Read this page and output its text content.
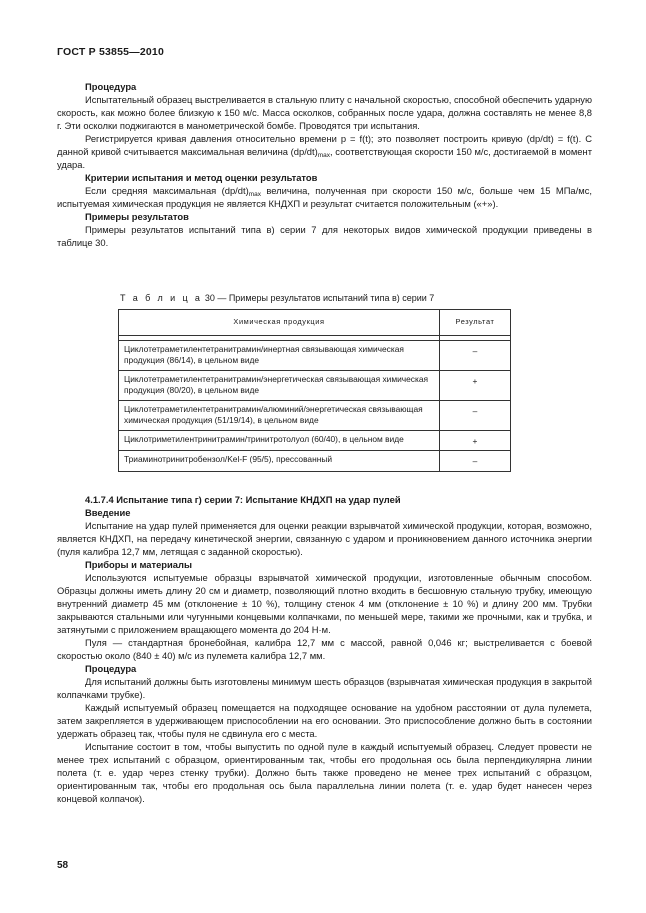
ГОСТ Р 53855—2010

Процедура

Испытательный образец выстреливается в стальную плиту с начальной скоростью, способной обеспечить ударную скорость, как можно более близкую к 150 м/с. Масса осколков, собранных после удара, должна составлять не менее 8,8 г. Эти осколки поджигаются в манометрической бомбе. Проводятся три испытания.

Регистрируется кривая давления относительно времени p = f(t); это позволяет построить кривую (dp/dt) = f(t). С данной кривой считывается максимальная величина $(dp/dt)_{max}$, соответствующая скорости 150 м/с, достигаемой в момент удара.

Критерии испытания и метод оценки результатов

Если средняя максимальная $(dp/dt)_{max}$ величина, полученная при скорости 150 м/с, больше чем 15 МПа/мс, испытуемая химическая продукция не является КНДХП и результат считается положительным («+»).

Примеры результатов

Примеры результатов испытаний типа в) серии 7 для некоторых видов химической продукции приведены в таблице 30.

Т а б л и ц а 30 — Примеры результатов испытаний типа в) серии 7
Химическая продукция	Результат

Циклотетраметилентетранитрамин/инертная связывающая химическая продукция (86/14), в цельном виде	–
Циклотетраметилентетранитрамин/энергетическая связывающая химическая продукция (80/20), в цельном виде	+
Циклотетраметилентетранитрамин/алюминий/энергетическая связывающая химическая продукция (51/19/14), в цельном виде	–
Циклотриметилентринитрамин/тринитротолуол (60/40), в цельном виде	+
Триаминотринитробензол/Kel-F (95/5), прессованный	–

4.1.7.4 Испытание типа г) серии 7: Испытание КНДХП на удар пулей

Введение

Испытание на удар пулей применяется для оценки реакции взрывчатой химической продукции, которая, возможно, является КНДХП, на передачу кинетической энергии, связанную с ударом и проникновением данного источника энергии (пуля калибра 12,7 мм, летящая с заданной скоростью).

Приборы и материалы

Используются испытуемые образцы взрывчатой химической продукции, изготовленные обычным способом. Образцы должны иметь длину 20 см и диаметр, позволяющий плотно входить в бесшовную стальную трубку, имеющую внутренний диаметр 45 мм (отклонение ± 10 %), толщину стенок 4 мм (отклонение ± 10 %) и длину 200 мм. Трубки закрываются стальными или чугунными концевыми колпачками, по меньшей мере, такими же прочными, как и трубка, и затянутыми с приложением вращающего момента до 204 Н·м.

Пуля — стандартная бронебойная, калибра 12,7 мм с массой, равной 0,046 кг; выстреливается с боевой скоростью около (840 ± 40) м/с из пулемета калибра 12,7 мм.

Процедура

Для испытаний должны быть изготовлены минимум шесть образцов (взрывчатая химическая продукция в закрытой колпачками трубке).

Каждый испытуемый образец помещается на подходящее основание на удобном расстоянии от дула пулемета, затем закрепляется в удерживающем приспособлении на его основании. Это приспособление должно быть в состоянии удержать образец так, чтобы пуля не сдвинула его с места.

Испытание состоит в том, чтобы выпустить по одной пуле в каждый испытуемый образец. Следует провести не менее трех испытаний с образцом, ориентированным так, чтобы его продольная ось была перпендикулярна линии полета (т. е. удар через стенку трубки). Должно быть также проведено не менее трех испытаний с образцом, ориентированным так, чтобы его продольная ось была параллельна линии полета (т. е. удар будет нанесен через концевой колпачок).

58
